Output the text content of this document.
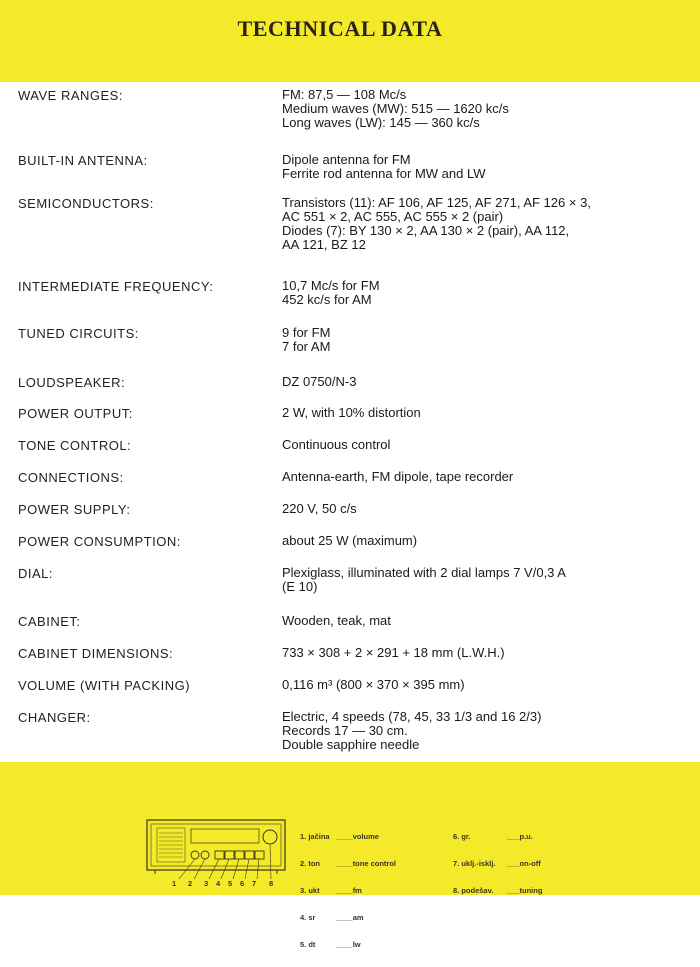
TECHNICAL DATA
WAVE RANGES:	FM: 87,5 — 108 Mc/s
Medium waves (MW): 515 — 1620 kc/s
Long waves (LW): 145 — 360 kc/s
BUILT-IN ANTENNA:	Dipole antenna for FM
Ferrite rod antenna for MW and LW
SEMICONDUCTORS:	Transistors (11): AF 106, AF 125, AF 271, AF 126 × 3,
AC 551 × 2, AC 555, AC 555 × 2 (pair)
Diodes (7): BY 130 × 2, AA 130 × 2 (pair), AA 112,
AA 121, BZ 12
INTERMEDIATE FREQUENCY:	10,7 Mc/s for FM
452 kc/s for AM
TUNED CIRCUITS:	9 for FM
7 for AM
LOUDSPEAKER:	DZ 0750/N-3
POWER OUTPUT:	2 W, with 10% distortion
TONE CONTROL:	Continuous control
CONNECTIONS:	Antenna-earth, FM dipole, tape recorder
POWER SUPPLY:	220 V, 50 c/s
POWER CONSUMPTION:	about 25 W (maximum)
DIAL:	Plexiglass, illuminated with 2 dial lamps 7 V/0,3 A
(E 10)
CABINET:	Wooden, teak, mat
CABINET DIMENSIONS:	733 × 308 + 2 × 291 + 18 mm (L.W.H.)
VOLUME (WITH PACKING)	0,116 m³ (800 × 370 × 395 mm)
CHANGER:	Electric, 4 speeds (78, 45, 33 1/3 and 16 2/3)
Records 17 — 30 cm.
Double sapphire needle
1 2 3 4 5 6 7 8

1. jačina ____ volume

2. ton	____ tone control

3. ukt	____ fm

4. sr	____ am

5. dt	____ lw

6. gr.	___ p.u.

7. uklj.-isklj.	___ on-off

8. podešav.	___ tuning
